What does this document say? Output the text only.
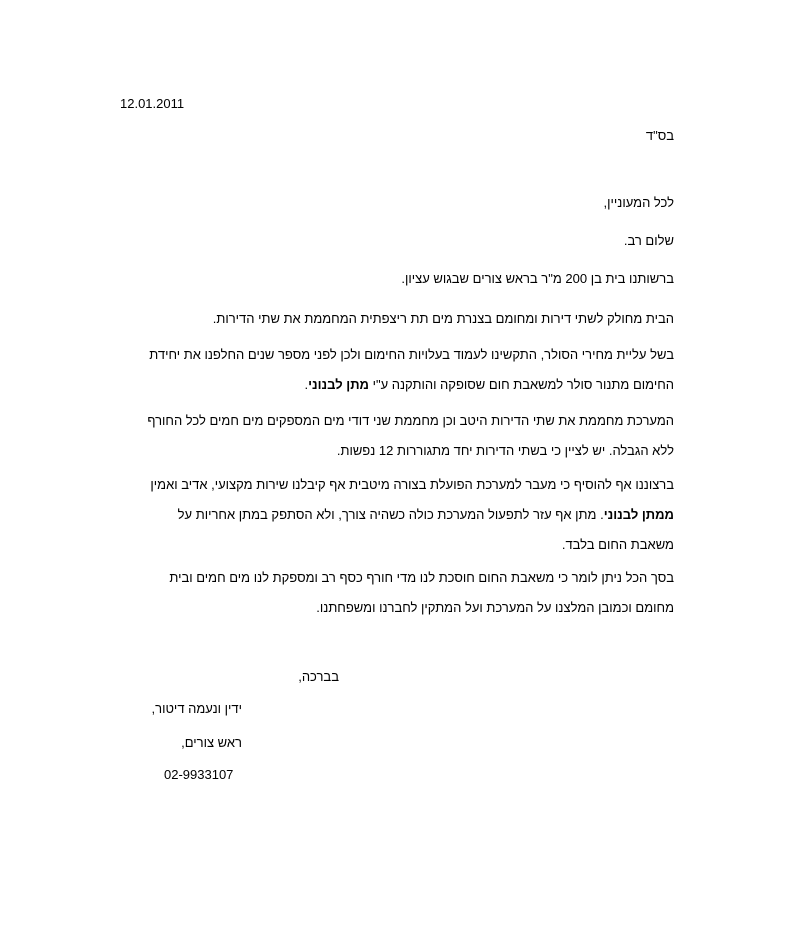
12.01.2011
בס"ד
לכל המעוניין,
שלום רב.
ברשותנו בית בן 200 מ"ר בראש צורים שבגוש עציון.
הבית מחולק לשתי דירות ומחומם בצנרת מים תת ריצפתית המחממת את שתי הדירות.
בשל עליית מחירי הסולר, התקשינו לעמוד בעלויות החימום ולכן לפני מספר שנים החלפנו את יחידת
החימום מתנור סולר למשאבת חום שסופקה והותקנה ע"י מתן לבנוני.
המערכת מחממת את שתי הדירות היטב וכן מחממת שני דודי מים המספקים מים חמים לכל החורף
ללא הגבלה. יש לציין כי בשתי הדירות יחד מתגוררות 12 נפשות.
ברצוננו אף להוסיף כי מעבר למערכת הפועלת בצורה מיטבית אף קיבלנו שירות מקצועי, אדיב ואמין
ממתן לבנוני. מתן אף עזר לתפעול המערכת כולה כשהיה צורך, ולא הסתפק במתן אחריות על
משאבת החום בלבד.
בסך הכל ניתן לומר כי משאבת החום חוסכת לנו מדי חורף כסף רב ומספקת לנו מים חמים ובית
מחומם וכמובן המלצנו על המערכת ועל המתקין לחברנו ומשפחתנו.
בברכה,
ידין ונעמה דיטור,
ראש צורים,
02-9933107
